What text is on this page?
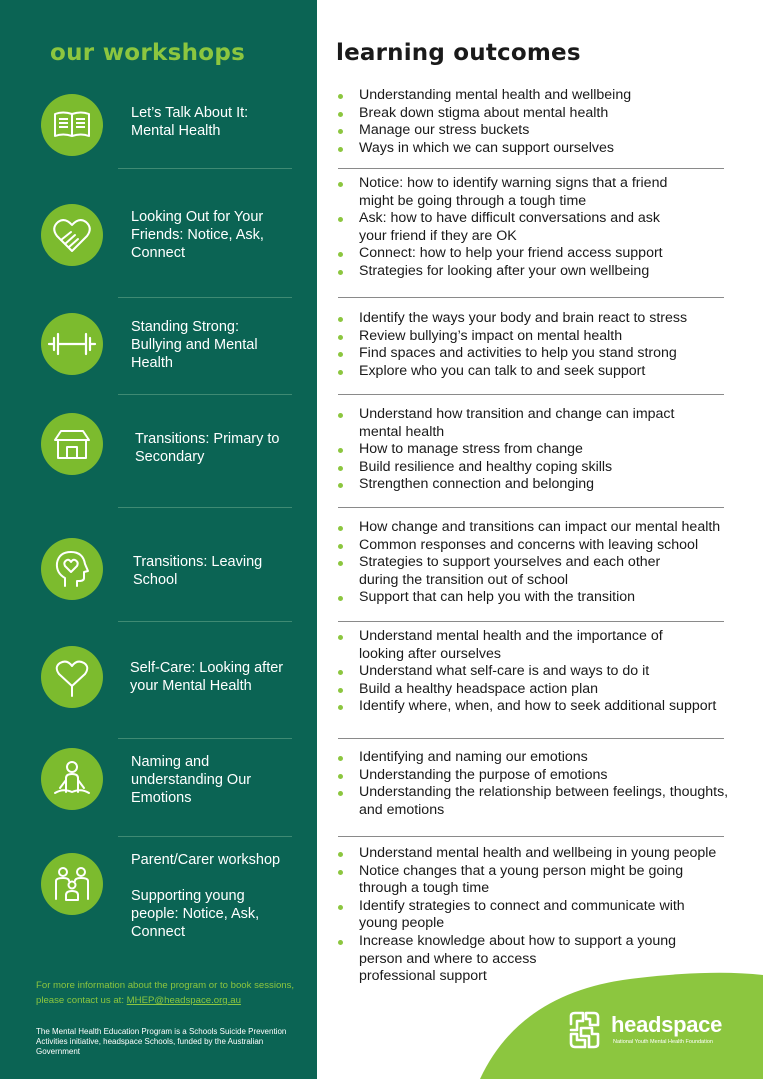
our workshops	learning outcomes
Let’s Talk About It:
Mental Health
Understanding mental health and wellbeing
Break down stigma about mental health
Manage our stress buckets
Ways in which we can support ourselves
Looking Out for Your
Friends: Notice, Ask,
Connect
Notice: how to identify warning signs that a friend
might be going through a tough time
Ask: how to have difficult conversations and ask
your friend if they are OK
Connect: how to help your friend access support
Strategies for looking after your own wellbeing
Standing Strong:
Bullying and Mental
Health
Identify the ways your body and brain react to stress
Review bullying’s impact on mental health
Find spaces and activities to help you stand strong
Explore who you can talk to and seek support
Transitions: Primary to
Secondary
Understand how transition and change can impact
mental health
How to manage stress from change
Build resilience and healthy coping skills
Strengthen connection and belonging
Transitions: Leaving
School
How change and transitions can impact our mental health
Common responses and concerns with leaving school
Strategies to support yourselves and each other
during the transition out of school
Support that can help you with the transition
Self-Care: Looking after
your Mental Health
Understand mental health and the importance of
looking after ourselves
Understand what self-care is and ways to do it
Build a healthy headspace action plan
Identify where, when, and how to seek additional support
Naming and
understanding Our
Emotions
Identifying and naming our emotions
Understanding the purpose of emotions
Understanding the relationship between feelings, thoughts,
and emotions
Parent/Carer workshop

Supporting young
people: Notice, Ask,
Connect
Understand mental health and wellbeing in young people
Notice changes that a young person might be going
through a tough time
Identify strategies to connect and communicate with
young people
Increase knowledge about how to support a young
person and where to access
professional support
For more information about the program or to book sessions, please contact us at: MHEP@headspace.org.au
The Mental Health Education Program is a Schools Suicide Prevention Activities initiative, headspace Schools, funded by the Australian Government
headspace
National Youth Mental Health Foundation
